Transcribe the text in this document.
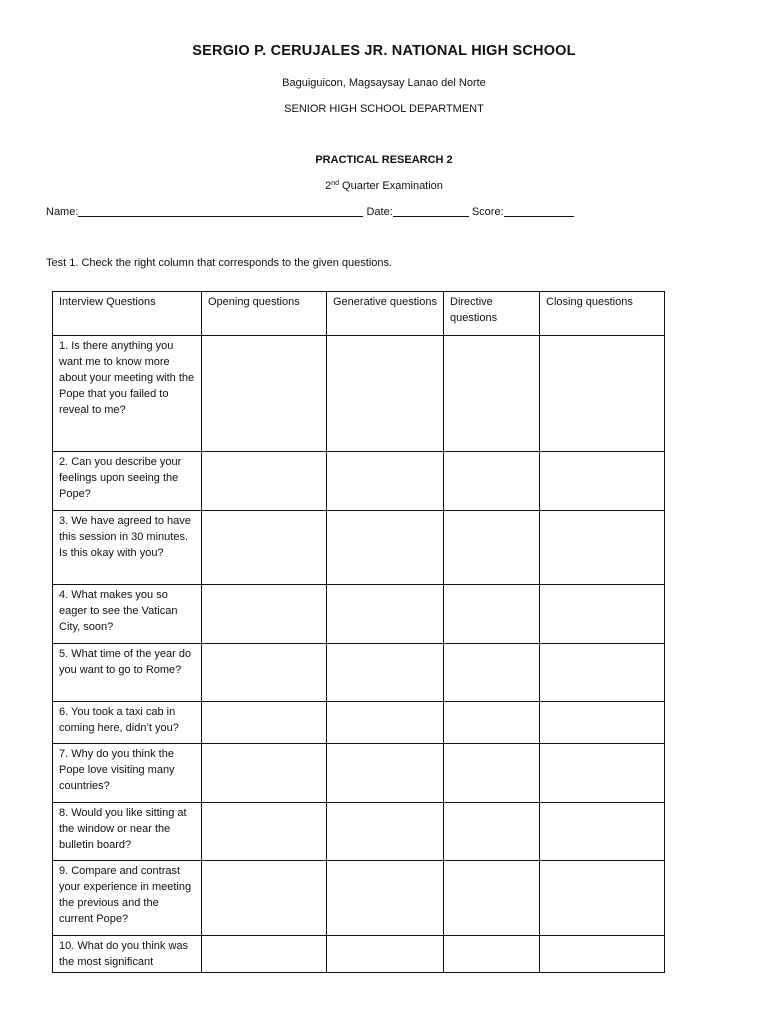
SERGIO P. CERUJALES JR. NATIONAL HIGH SCHOOL
Baguiguicon, Magsaysay Lanao del Norte
SENIOR HIGH SCHOOL DEPARTMENT
PRACTICAL RESEARCH 2
2nd Quarter Examination
Name:	Date:	Score:
Test 1. Check the right column that corresponds to the given questions.
Interview Questions	Opening questions	Generative questions	Directive questions	Closing questions
1. Is there anything you want me to know more about your meeting with the Pope that you failed to reveal to me?				
2. Can you describe your feelings upon seeing the Pope?				
3. We have agreed to have this session in 30 minutes. Is this okay with you?				
4. What makes you so eager to see the Vatican City, soon?				
5. What time of the year do you want to go to Rome?				
6. You took a taxi cab in coming here, didn’t you?				
7. Why do you think the Pope love visiting many countries?				
8. Would you like sitting at the window or near the bulletin board?				
9. Compare and contrast your experience in meeting the previous and the current Pope?				
10. What do you think was the most significant				
